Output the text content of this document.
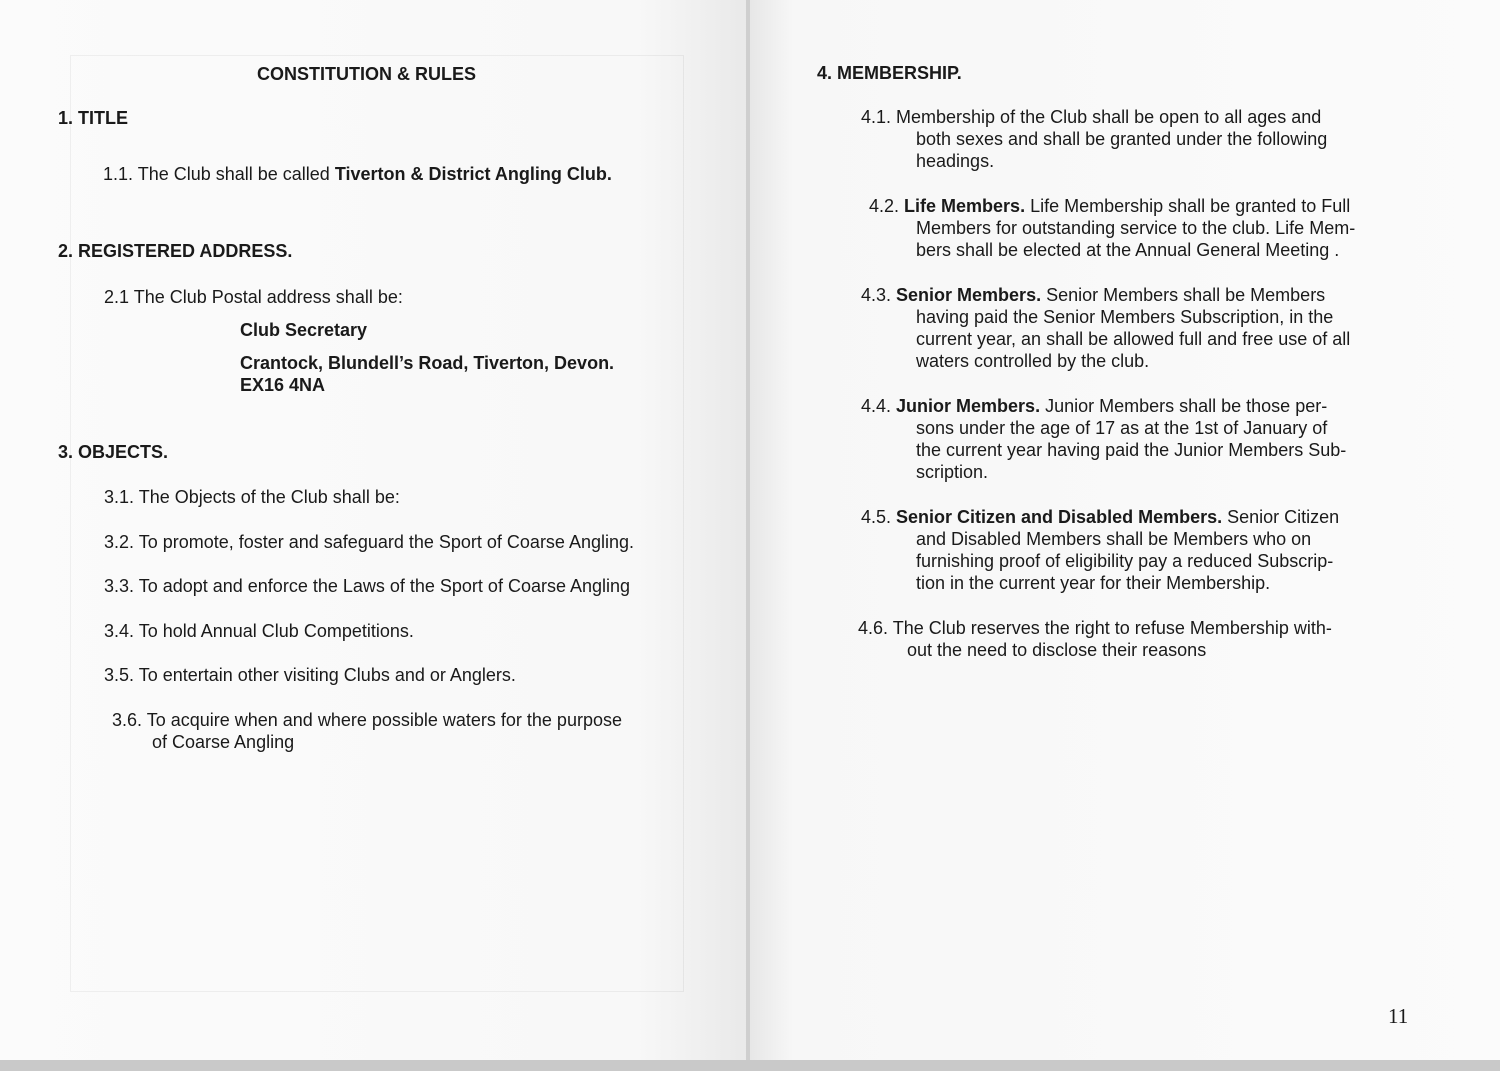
CONSTITUTION & RULES
1. TITLE
1.1. The Club shall be called Tiverton & District Angling Club.
2. REGISTERED ADDRESS.
2.1 The Club Postal address shall be:
Club Secretary
Crantock, Blundell’s Road, Tiverton, Devon.
EX16 4NA
3. OBJECTS.
3.1. The Objects of the Club shall be:
3.2. To promote, foster and safeguard the Sport of Coarse Angling.
3.3. To adopt and enforce the Laws of the Sport of Coarse Angling
3.4. To hold Annual Club Competitions.
3.5. To entertain other visiting Clubs and or Anglers.
3.6. To acquire when and where possible waters for the purpose
of Coarse Angling
4. MEMBERSHIP.
4.1. Membership of the Club shall be open to all ages and
both sexes and shall be granted under the following
headings.
4.2. Life Members. Life Membership shall be granted to Full
Members for outstanding service to the club. Life Mem-
bers shall be elected at the Annual General Meeting .
4.3. Senior Members. Senior Members shall be Members
having paid the Senior Members Subscription, in the
current year, an shall be allowed full and free use of all
waters controlled by the club.
4.4. Junior Members. Junior Members shall be those per-
sons under the age of 17 as at the 1st of January of
the current year having paid the Junior Members Sub-
scription.
4.5. Senior Citizen and Disabled Members. Senior Citizen
and Disabled Members shall be Members who on
furnishing proof of eligibility pay a reduced Subscrip-
tion in the current year for their Membership.
4.6. The Club reserves the right to refuse Membership with-
out the need to disclose their reasons
11
